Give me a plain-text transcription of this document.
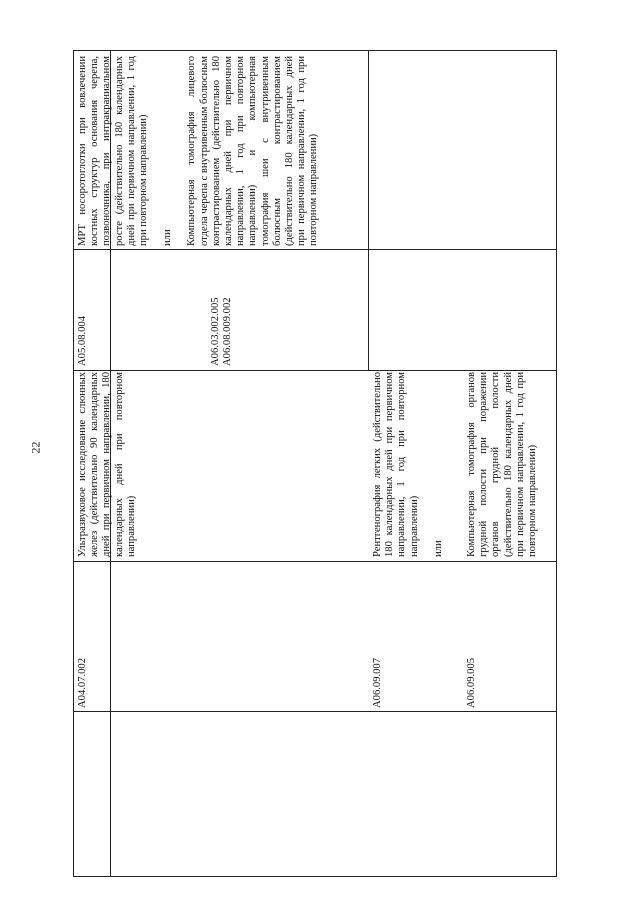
22

A04.07.002

Ультразвуковое исследование слюнных желез (действительно 90 календарных дней при первичном направлении, 180 календарных дней при повторном направлении)

A05.08.004	A06.03.002.005 A06.08.009.002

МРТ носоротоглотки при вовлечении костных структур основания черепа, позвоночника, при интракраниальном росте (действительно 180 календарных дней при первичном направлении, 1 год при повторном направлении) или Компьютерная томография лицевого отдела черепа с внутривенным болюсным контрастированием (действительно 180 календарных дней при первичном направлении, 1 год при повторном направлении) и компьютерная томография шеи с внутривенным болюсным контрастированием (действительно 180 календарных дней при первичном направлении, 1 год при повторном направлении)

A06.09.007	A06.09.005

Рентгенография легких (действительно 180 календарных дней при первичном направлении, 1 год при повторном направлении) или Компьютерная томография органов грудной полости при поражении органов грудной полости (действительно 180 календарных дней при первичном направлении, 1 год при повторном направлении)
